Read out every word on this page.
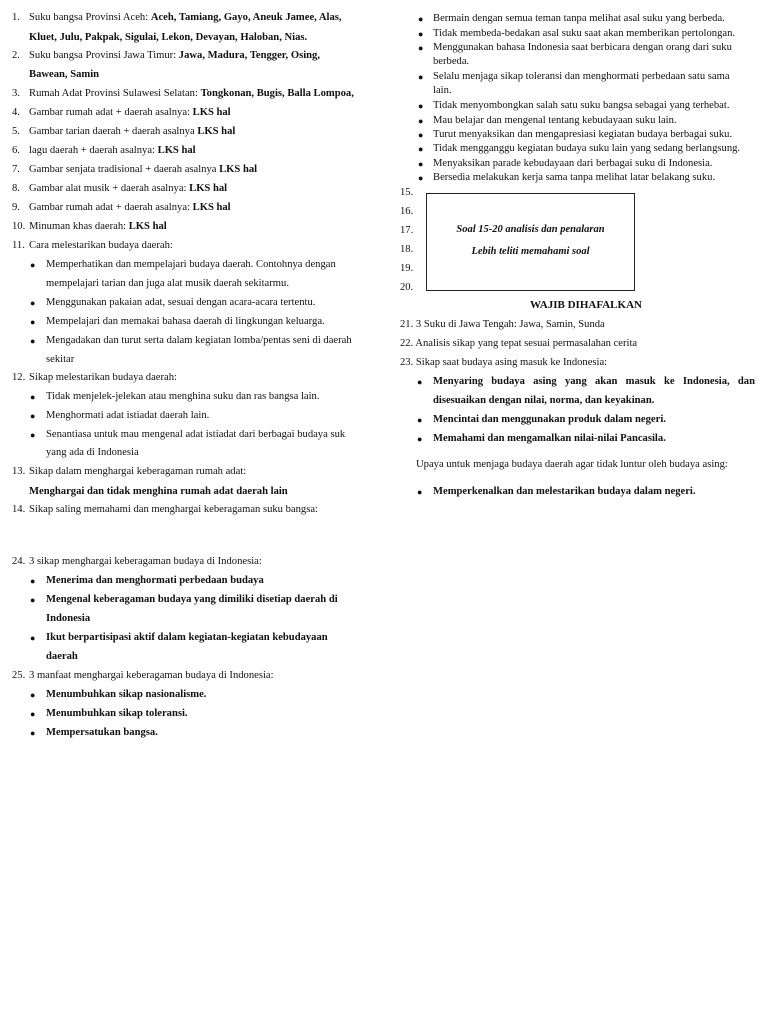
1. Suku bangsa Provinsi Aceh: Aceh, Tamiang, Gayo, Aneuk Jamee, Alas,
Kluet, Julu, Pakpak, Sigulai, Lekon, Devayan, Haloban, Nias.
2. Suku bangsa Provinsi Jawa Timur: Jawa, Madura, Tengger, Osing,
Bawean, Samin
3. Rumah Adat Provinsi Sulawesi Selatan: Tongkonan, Bugis, Balla Lompoa,
4. Gambar rumah adat + daerah asalnya: LKS hal
5. Gambar tarian daerah + daerah asalnya LKS hal
6. lagu daerah + daerah asalnya: LKS hal
7. Gambar senjata tradisional + daerah asalnya LKS hal
8. Gambar alat musik + daerah asalnya: LKS hal
9. Gambar rumah adat + daerah asalnya: LKS hal
10. Minuman khas daerah: LKS hal
11. Cara melestarikan budaya daerah:
● Memperhatikan dan mempelajari budaya daerah. Contohnya dengan
mempelajari tarian dan juga alat musik daerah sekitarmu.
● Menggunakan pakaian adat, sesuai dengan acara-acara tertentu.
● Mempelajari dan memakai bahasa daerah di lingkungan keluarga.
● Mengadakan dan turut serta dalam kegiatan lomba/pentas seni di daerah
sekitar
12. Sikap melestarikan budaya daerah:
● Tidak menjelek-jelekan atau menghina suku dan ras bangsa lain.
● Menghormati adat istiadat daerah lain.
● Senantiasa untuk mau mengenal adat istiadat dari berbagai budaya suk
yang ada di Indonesia
13. Sikap dalam menghargai keberagaman rumah adat:
Menghargai dan tidak menghina rumah adat daerah lain
14. Sikap saling memahami dan menghargai keberagaman suku bangsa:
24. 3 sikap menghargai keberagaman budaya di Indonesia:
● Menerima dan menghormati perbedaan budaya
● Mengenal keberagaman budaya yang dimiliki disetiap daerah di
Indonesia
● Ikut berpartisipasi aktif dalam kegiatan-kegiatan kebudayaan
daerah
25. 3 manfaat menghargai keberagaman budaya di Indonesia:
● Menumbuhkan sikap nasionalisme.
● Menumbuhkan sikap toleransi.
● Mempersatukan bangsa.
● Bermain dengan semua teman tanpa melihat asal suku yang berbeda.
● Tidak membeda-bedakan asal suku saat akan memberikan pertolongan.
● Menggunakan bahasa Indonesia saat berbicara dengan orang dari suku
berbeda.
● Selalu menjaga sikap toleransi dan menghormati perbedaan satu sama
lain.
● Tidak menyombongkan salah satu suku bangsa sebagai yang terhebat.
● Mau belajar dan mengenal tentang kebudayaan suku lain.
● Turut menyaksikan dan mengapresiasi kegiatan budaya berbagai suku.
● Tidak mengganggu kegiatan budaya suku lain yang sedang berlangsung.
● Menyaksikan parade kebudayaan dari berbagai suku di Indonesia.
● Bersedia melakukan kerja sama tanpa melihat latar belakang suku.
15.
16.
17.
18.
19.
20.
Soal 15-20 analisis dan penalaran
Lebih teliti memahami soal
WAJIB DIHAFALKAN
21. 3 Suku di Jawa Tengah: Jawa, Samin, Sunda
22. Analisis sikap yang tepat sesuai permasalahan cerita
23. Sikap saat budaya asing masuk ke Indonesia:
● Menyaring budaya asing yang akan masuk ke Indonesia, dan
disesuaikan dengan nilai, norma, dan keyakinan.
● Mencintai dan menggunakan produk dalam negeri.
● Memahami dan mengamalkan nilai-nilai Pancasila.
Upaya untuk menjaga budaya daerah agar tidak luntur oleh budaya asing:
● Memperkenalkan dan melestarikan budaya dalam negeri.
